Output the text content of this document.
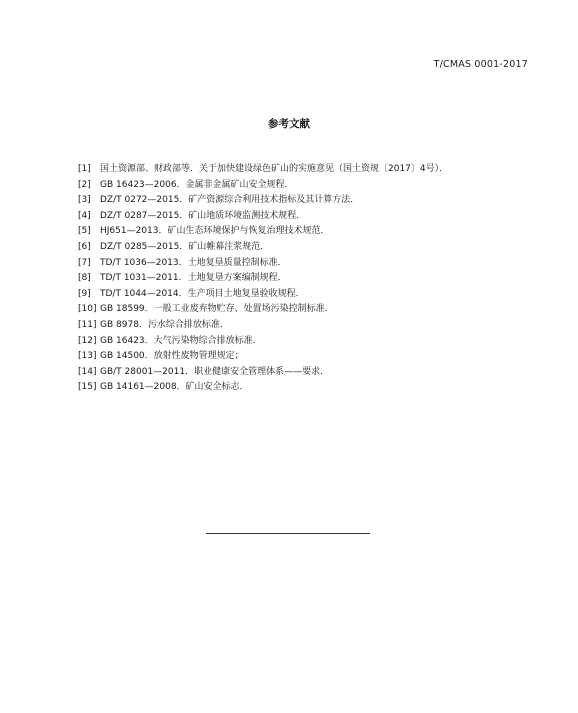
T/CMAS 0001-2017
参考文献
[1]	国土资源部、财政部等．关于加快建设绿色矿山的实施意见（国土资规〔2017〕4号）．
[2]	GB 16423—2006．金属非金属矿山安全规程．
[3]	DZ/T 0272—2015．矿产资源综合利用技术指标及其计算方法．
[4]	DZ/T 0287—2015．矿山地质环境监测技术规程．
[5]	HJ651—2013．矿山生态环境保护与恢复治理技术规范．
[6]	DZ/T 0285—2015．矿山帷幕注浆规范．
[7]	TD/T 1036—2013．土地复垦质量控制标准．
[8]	TD/T 1031—2011．土地复垦方案编制规程．
[9]	TD/T 1044—2014．生产项目土地复垦验收规程．
[10] GB 18599．一般工业废弃物贮存、处置场污染控制标准．
[11] GB 8978．污水综合排放标准．
[12] GB 16423．大气污染物综合排放标准．
[13] GB 14500．放射性废物管理规定；
[14] GB/T 28001—2011．职业健康安全管理体系——要求．
[15] GB 14161—2008．矿山安全标志．
